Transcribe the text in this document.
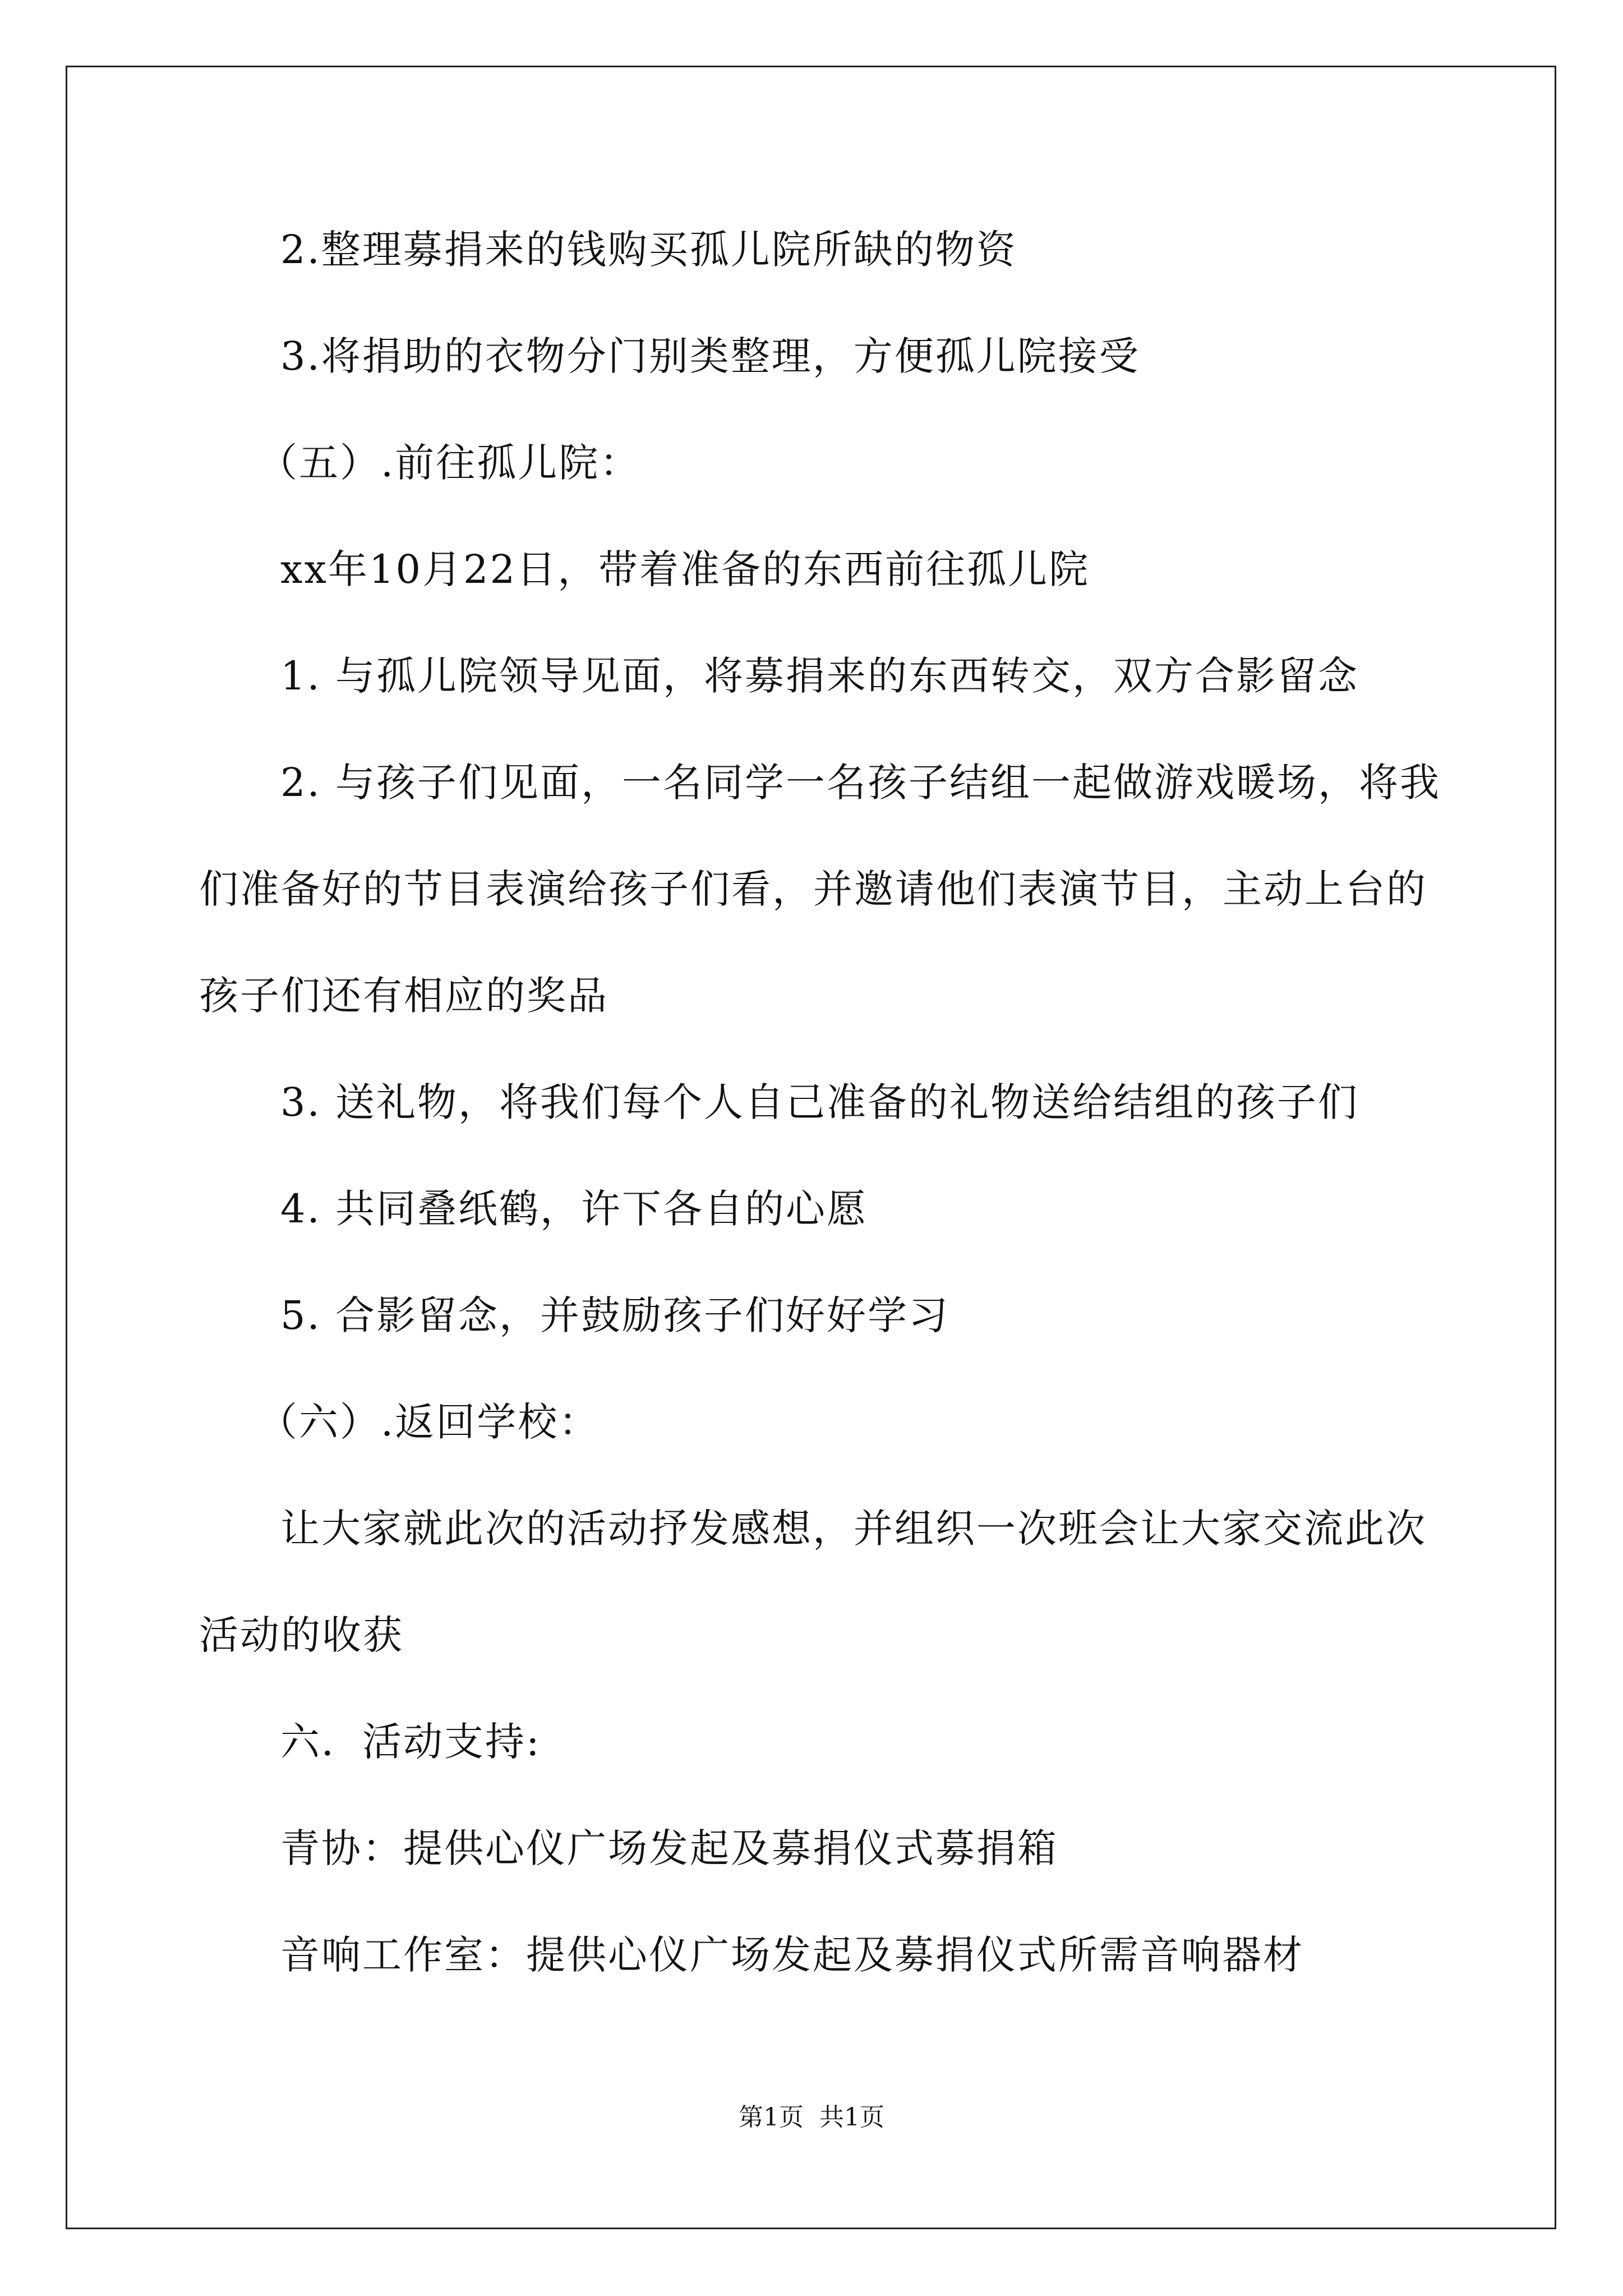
2.整理募捐来的钱购买孤儿院所缺的物资
3.将捐助的衣物分门别类整理，方便孤儿院接受
（五）.前往孤儿院：
xx年10月22日，带着准备的东西前往孤儿院
1. 与孤儿院领导见面，将募捐来的东西转交，双方合影留念
2. 与孩子们见面，一名同学一名孩子结组一起做游戏暖场，将我
们准备好的节目表演给孩子们看，并邀请他们表演节目，主动上台的
孩子们还有相应的奖品
3. 送礼物，将我们每个人自己准备的礼物送给结组的孩子们
4. 共同叠纸鹤，许下各自的心愿
5. 合影留念，并鼓励孩子们好好学习
（六）.返回学校：
让大家就此次的活动抒发感想，并组织一次班会让大家交流此次
活动的收获
六．活动支持:
青协：提供心仪广场发起及募捐仪式募捐箱
音响工作室：提供心仪广场发起及募捐仪式所需音响器材
第1页 共1页
